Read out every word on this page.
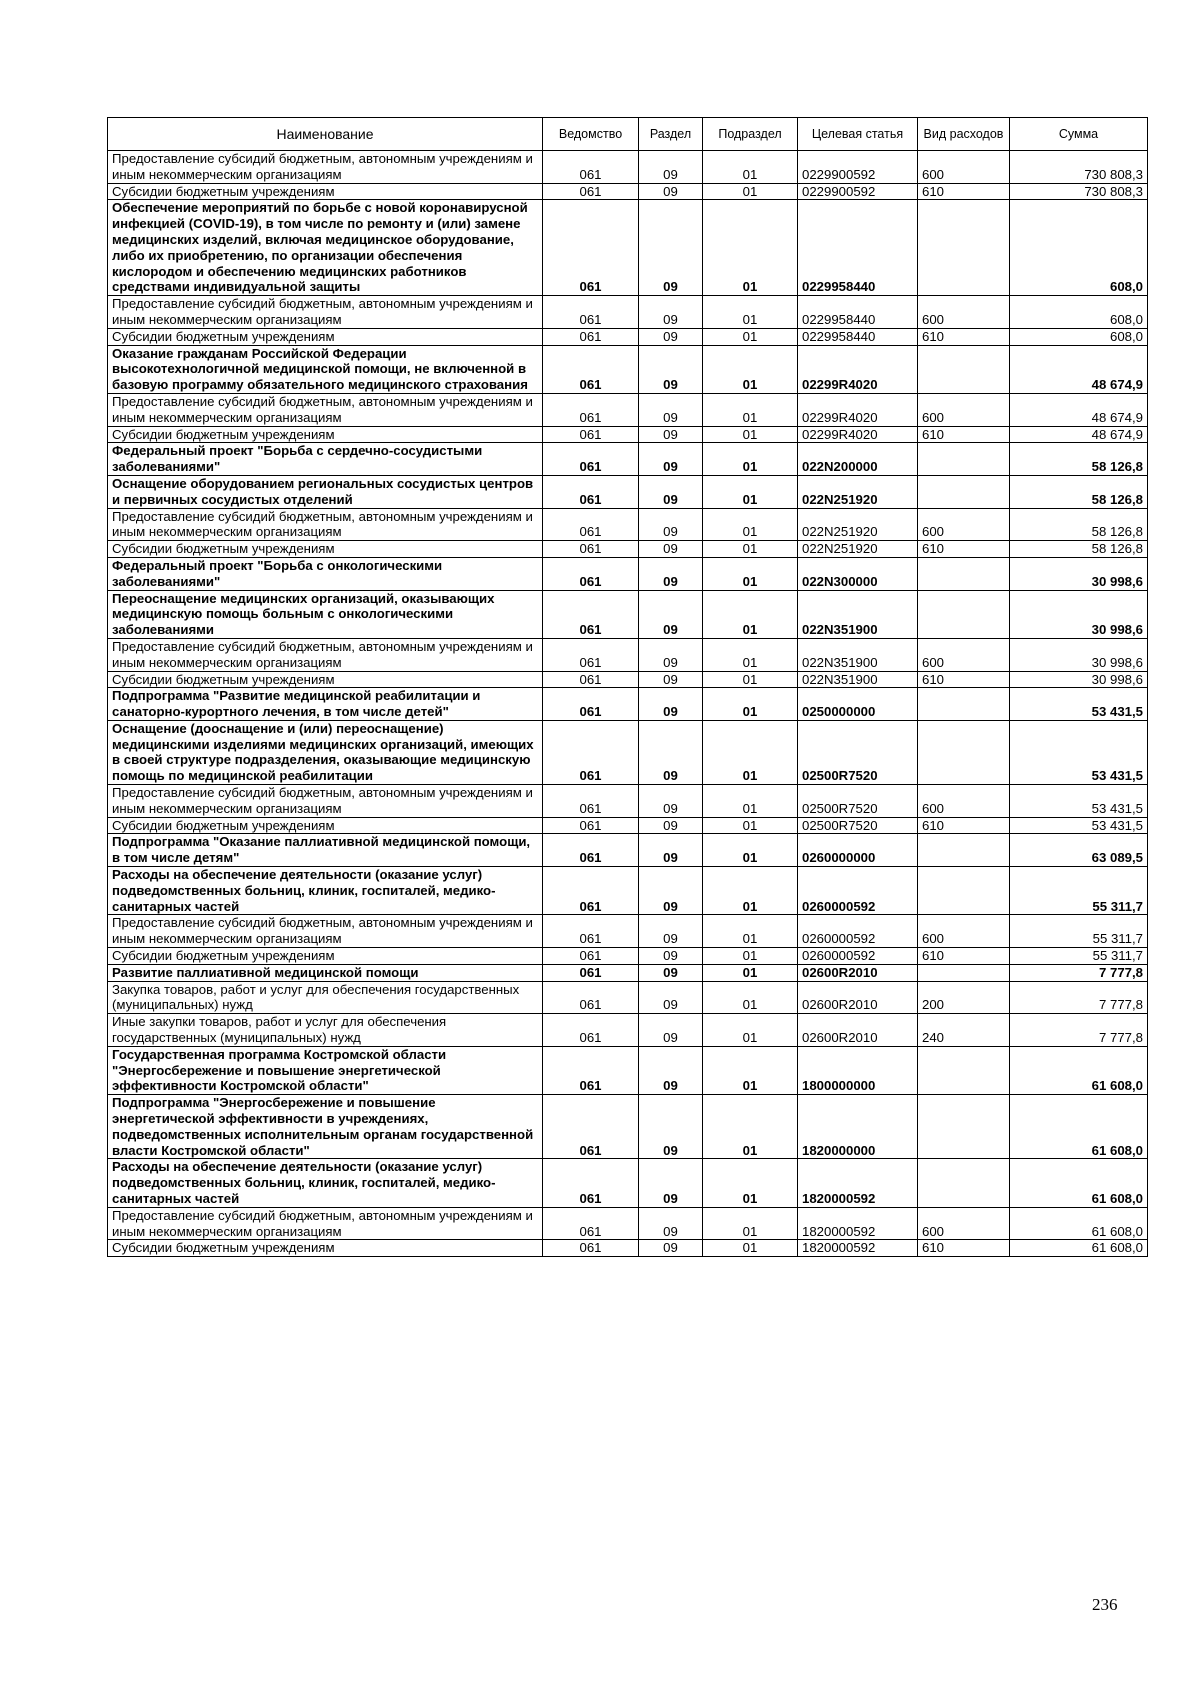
Наименование	Ведомство	Раздел	Подраздел	Целевая статья	Вид расходов	Сумма
Предоставление субсидий бюджетным, автономным учреждениям и иным некоммерческим организациям	061	09	01	0229900592	600	730 808,3
Субсидии бюджетным учреждениям	061	09	01	0229900592	610	730 808,3
Обеспечение мероприятий по борьбе с новой коронавирусной инфекцией (COVID-19), в том числе по ремонту и (или) замене медицинских изделий, включая медицинское оборудование, либо их приобретению, по организации обеспечения кислородом и обеспечению медицинских работников средствами индивидуальной защиты	061	09	01	0229958440		608,0
Предоставление субсидий бюджетным, автономным учреждениям и иным некоммерческим организациям	061	09	01	0229958440	600	608,0
Субсидии бюджетным учреждениям	061	09	01	0229958440	610	608,0
Оказание гражданам Российской Федерации высокотехнологичной медицинской помощи, не включенной в базовую программу обязательного медицинского страхования	061	09	01	02299R4020		48 674,9
Предоставление субсидий бюджетным, автономным учреждениям и иным некоммерческим организациям	061	09	01	02299R4020	600	48 674,9
Субсидии бюджетным учреждениям	061	09	01	02299R4020	610	48 674,9
Федеральный проект "Борьба с сердечно-сосудистыми заболеваниями"	061	09	01	022N200000		58 126,8
Оснащение оборудованием региональных сосудистых центров и первичных сосудистых отделений	061	09	01	022N251920		58 126,8
Предоставление субсидий бюджетным, автономным учреждениям и иным некоммерческим организациям	061	09	01	022N251920	600	58 126,8
Субсидии бюджетным учреждениям	061	09	01	022N251920	610	58 126,8
Федеральный проект "Борьба с онкологическими заболеваниями"	061	09	01	022N300000		30 998,6
Переоснащение медицинских организаций, оказывающих медицинскую помощь больным с онкологическими заболеваниями	061	09	01	022N351900		30 998,6
Предоставление субсидий бюджетным, автономным учреждениям и иным некоммерческим организациям	061	09	01	022N351900	600	30 998,6
Субсидии бюджетным учреждениям	061	09	01	022N351900	610	30 998,6
Подпрограмма "Развитие медицинской реабилитации и санаторно-курортного лечения, в том числе детей"	061	09	01	0250000000		53 431,5
Оснащение (дооснащение и (или) переоснащение) медицинскими изделиями медицинских организаций, имеющих в своей структуре подразделения, оказывающие медицинскую помощь по медицинской реабилитации	061	09	01	02500R7520		53 431,5
Предоставление субсидий бюджетным, автономным учреждениям и иным некоммерческим организациям	061	09	01	02500R7520	600	53 431,5
Субсидии бюджетным учреждениям	061	09	01	02500R7520	610	53 431,5
Подпрограмма "Оказание паллиативной медицинской помощи, в том числе детям"	061	09	01	0260000000		63 089,5
Расходы на обеспечение деятельности (оказание услуг) подведомственных больниц, клиник, госпиталей, медико-санитарных частей	061	09	01	0260000592		55 311,7
Предоставление субсидий бюджетным, автономным учреждениям и иным некоммерческим организациям	061	09	01	0260000592	600	55 311,7
Субсидии бюджетным учреждениям	061	09	01	0260000592	610	55 311,7
Развитие паллиативной медицинской помощи	061	09	01	02600R2010		7 777,8
Закупка товаров, работ и услуг для обеспечения государственных (муниципальных) нужд	061	09	01	02600R2010	200	7 777,8
Иные закупки товаров, работ и услуг для обеспечения государственных (муниципальных) нужд	061	09	01	02600R2010	240	7 777,8
Государственная программа Костромской области "Энергосбережение и повышение энергетической эффективности Костромской области"	061	09	01	1800000000		61 608,0
Подпрограмма "Энергосбережение и повышение энергетической эффективности в учреждениях, подведомственных исполнительным органам государственной власти Костромской области"	061	09	01	1820000000		61 608,0
Расходы на обеспечение деятельности (оказание услуг) подведомственных больниц, клиник, госпиталей, медико-санитарных частей	061	09	01	1820000592		61 608,0
Предоставление субсидий бюджетным, автономным учреждениям и иным некоммерческим организациям	061	09	01	1820000592	600	61 608,0
Субсидии бюджетным учреждениям	061	09	01	1820000592	610	61 608,0
236
